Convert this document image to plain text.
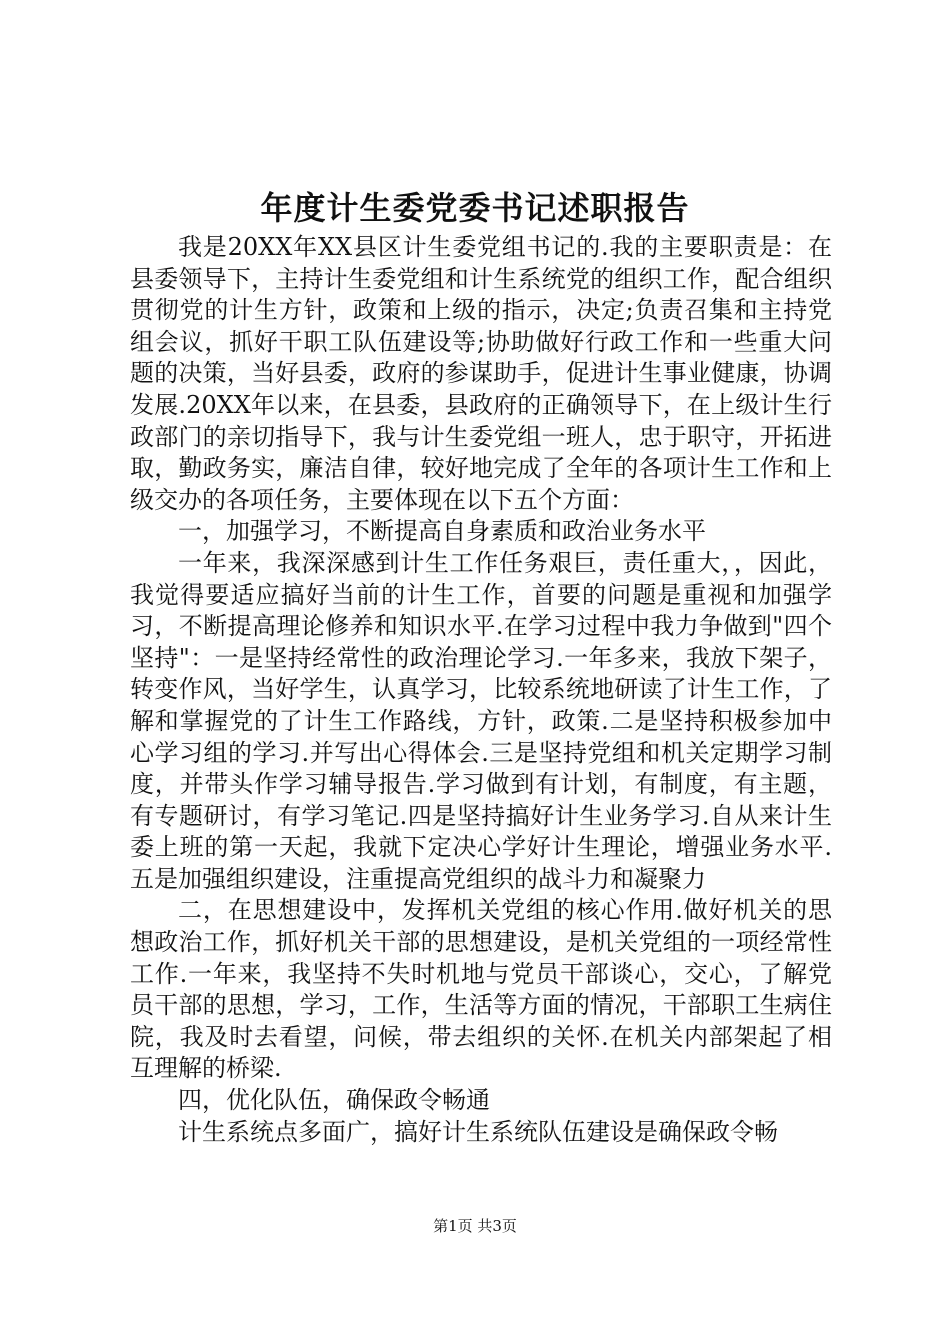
年度计生委党委书记述职报告

我是20XX年XX县区计生委党组书记的.我的主要职责是：在县委领导下，主持计生委党组和计生系统党的组织工作，配合组织贯彻党的计生方针，政策和上级的指示，决定;负责召集和主持党组会议，抓好干职工队伍建设等;协助做好行政工作和一些重大问题的决策，当好县委，政府的参谋助手，促进计生事业健康，协调发展.20XX年以来，在县委，县政府的正确领导下，在上级计生行政部门的亲切指导下，我与计生委党组一班人，忠于职守，开拓进取，勤政务实，廉洁自律，较好地完成了全年的各项计生工作和上级交办的各项任务，主要体现在以下五个方面：

一，加强学习，不断提高自身素质和政治业务水平

一年来，我深深感到计生工作任务艰巨，责任重大，，因此，我觉得要适应搞好当前的计生工作，首要的问题是重视和加强学习，不断提高理论修养和知识水平.在学习过程中我力争做到"四个坚持"：一是坚持经常性的政治理论学习.一年多来，我放下架子，转变作风，当好学生，认真学习，比较系统地研读了计生工作，了解和掌握党的了计生工作路线，方针，政策.二是坚持积极参加中心学习组的学习.并写出心得体会.三是坚持党组和机关定期学习制度，并带头作学习辅导报告.学习做到有计划，有制度，有主题，有专题研讨，有学习笔记.四是坚持搞好计生业务学习.自从来计生委上班的第一天起，我就下定决心学好计生理论，增强业务水平.五是加强组织建设，注重提高党组织的战斗力和凝聚力

二，在思想建设中，发挥机关党组的核心作用.做好机关的思想政治工作，抓好机关干部的思想建设，是机关党组的一项经常性工作.一年来，我坚持不失时机地与党员干部谈心，交心，了解党员干部的思想，学习，工作，生活等方面的情况，干部职工生病住院，我及时去看望，问候，带去组织的关怀.在机关内部架起了相互理解的桥梁.

四，优化队伍，确保政令畅通

计生系统点多面广，搞好计生系统队伍建设是确保政令畅

第1页 共3页
